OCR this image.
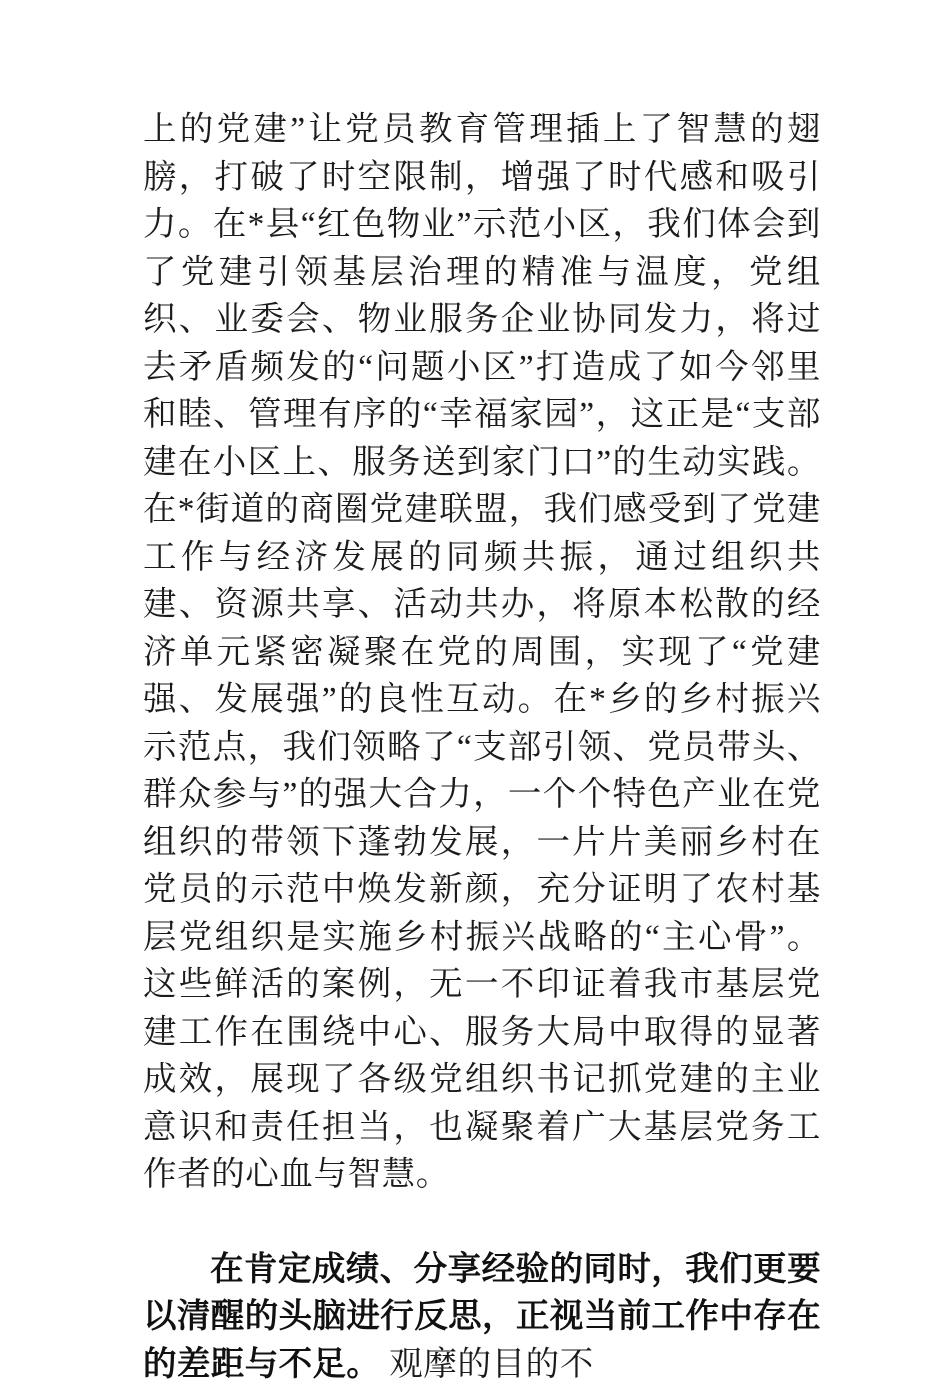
上的党建”让党员教育管理插上了智慧的翅膀，打破了时空限制，增强了时代感和吸引力。在*县“红色物业”示范小区，我们体会到了党建引领基层治理的精准与温度，党组织、业委会、物业服务企业协同发力，将过去矛盾频发的“问题小区”打造成了如今邻里和睦、管理有序的“幸福家园”，这正是“支部建在小区上、服务送到家门口”的生动实践。在*街道的商圈党建联盟，我们感受到了党建工作与经济发展的同频共振，通过组织共建、资源共享、活动共办，将原本松散的经济单元紧密凝聚在党的周围，实现了“党建强、发展强”的良性互动。在*乡的乡村振兴示范点，我们领略了“支部引领、党员带头、群众参与”的强大合力，一个个特色产业在党组织的带领下蓬勃发展，一片片美丽乡村在党员的示范中焕发新颜，充分证明了农村基层党组织是实施乡村振兴战略的“主心骨”。这些鲜活的案例，无一不印证着我市基层党建工作在围绕中心、服务大局中取得的显著成效，展现了各级党组织书记抓党建的主业意识和责任担当，也凝聚着广大基层党务工作者的心血与智慧。

在肯定成绩、分享经验的同时，我们更要以清醒的头脑进行反思，正视当前工作中存在的差距与不足。 观摩的目的不
